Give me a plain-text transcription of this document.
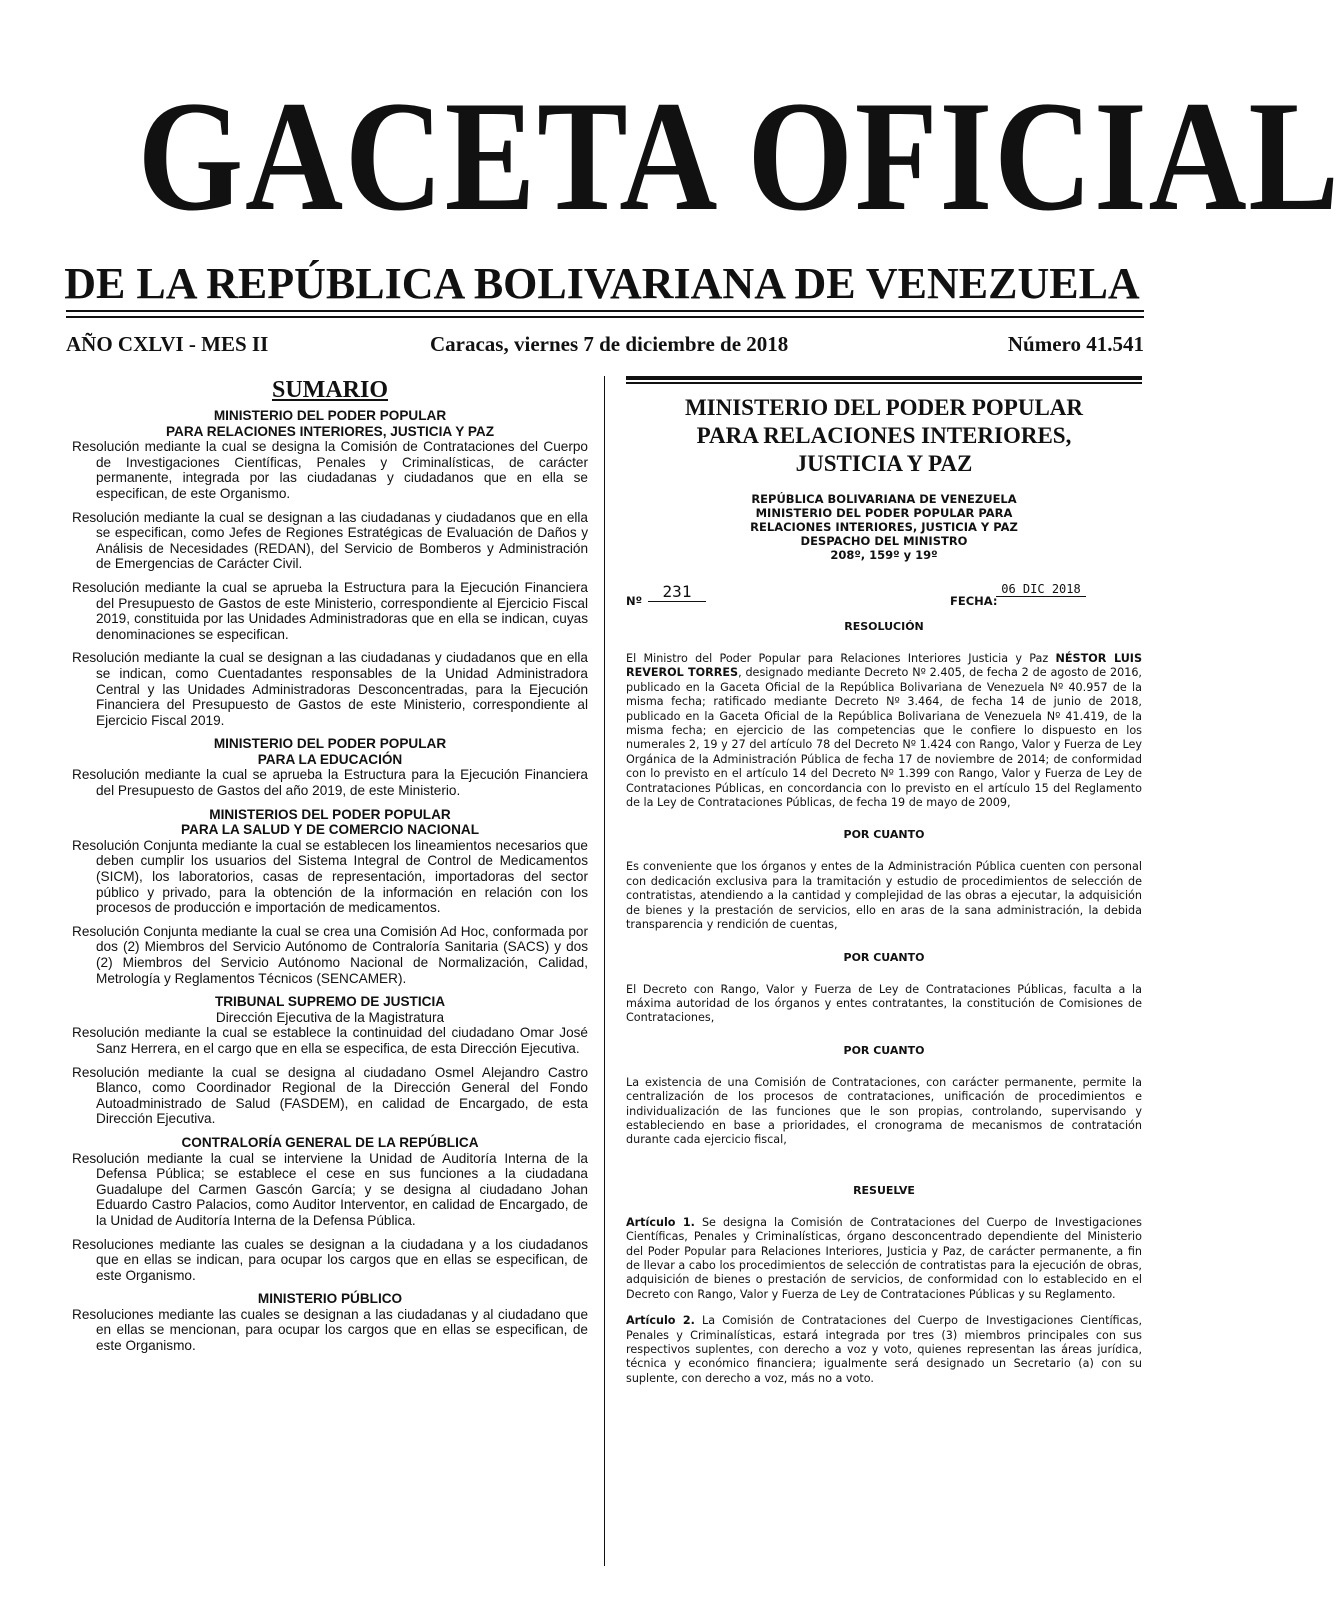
GACETA OFICIAL
DE LA REPÚBLICA BOLIVARIANA DE VENEZUELA
AÑO CXLVI - MES II	Caracas, viernes 7 de diciembre de 2018	Número 41.541
SUMARIO
MINISTERIO DEL PODER POPULAR
PARA RELACIONES INTERIORES, JUSTICIA Y PAZ

Resolución mediante la cual se designa la Comisión de Contrataciones del Cuerpo de Investigaciones Científicas, Penales y Criminalísticas, de carácter permanente, integrada por las ciudadanas y ciudadanos que en ella se especifican, de este Organismo.

Resolución mediante la cual se designan a las ciudadanas y ciudadanos que en ella se especifican, como Jefes de Regiones Estratégicas de Evaluación de Daños y Análisis de Necesidades (REDAN), del Servicio de Bomberos y Administración de Emergencias de Carácter Civil.

Resolución mediante la cual se aprueba la Estructura para la Ejecución Financiera del Presupuesto de Gastos de este Ministerio, correspondiente al Ejercicio Fiscal 2019, constituida por las Unidades Administradoras que en ella se indican, cuyas denominaciones se especifican.

Resolución mediante la cual se designan a las ciudadanas y ciudadanos que en ella se indican, como Cuentadantes responsables de la Unidad Administradora Central y las Unidades Administradoras Desconcentradas, para la Ejecución Financiera del Presupuesto de Gastos de este Ministerio, correspondiente al Ejercicio Fiscal 2019.

MINISTERIO DEL PODER POPULAR
PARA LA EDUCACIÓN

Resolución mediante la cual se aprueba la Estructura para la Ejecución Financiera del Presupuesto de Gastos del año 2019, de este Ministerio.

MINISTERIOS DEL PODER POPULAR
PARA LA SALUD Y DE COMERCIO NACIONAL

Resolución Conjunta mediante la cual se establecen los lineamientos necesarios que deben cumplir los usuarios del Sistema Integral de Control de Medicamentos (SICM), los laboratorios, casas de representación, importadoras del sector público y privado, para la obtención de la información en relación con los procesos de producción e importación de medicamentos.

Resolución Conjunta mediante la cual se crea una Comisión Ad Hoc, conformada por dos (2) Miembros del Servicio Autónomo de Contraloría Sanitaria (SACS) y dos (2) Miembros del Servicio Autónomo Nacional de Normalización, Calidad, Metrología y Reglamentos Técnicos (SENCAMER).

TRIBUNAL SUPREMO DE JUSTICIA
Dirección Ejecutiva de la Magistratura

Resolución mediante la cual se establece la continuidad del ciudadano Omar José Sanz Herrera, en el cargo que en ella se especifica, de esta Dirección Ejecutiva.

Resolución mediante la cual se designa al ciudadano Osmel Alejandro Castro Blanco, como Coordinador Regional de la Dirección General del Fondo Autoadministrado de Salud (FASDEM), en calidad de Encargado, de esta Dirección Ejecutiva.

CONTRALORÍA GENERAL DE LA REPÚBLICA

Resolución mediante la cual se interviene la Unidad de Auditoría Interna de la Defensa Pública; se establece el cese en sus funciones a la ciudadana Guadalupe del Carmen Gascón García; y se designa al ciudadano Johan Eduardo Castro Palacios, como Auditor Interventor, en calidad de Encargado, de la Unidad de Auditoría Interna de la Defensa Pública.

Resoluciones mediante las cuales se designan a la ciudadana y a los ciudadanos que en ellas se indican, para ocupar los cargos que en ellas se especifican, de este Organismo.

MINISTERIO PÚBLICO

Resoluciones mediante las cuales se designan a las ciudadanas y al ciudadano que en ellas se mencionan, para ocupar los cargos que en ellas se especifican, de este Organismo.

MINISTERIO DEL PODER POPULAR
PARA RELACIONES INTERIORES,
JUSTICIA Y PAZ
REPÚBLICA BOLIVARIANA DE VENEZUELA
MINISTERIO DEL PODER POPULAR PARA
RELACIONES INTERIORES, JUSTICIA Y PAZ
DESPACHO DEL MINISTRO
208º, 159º y 19º
Nº	231	FECHA:
06 DIC 2018
RESOLUCIÓN

El Ministro del Poder Popular para Relaciones Interiores Justicia y Paz NÉSTOR LUIS REVEROL TORRES, designado mediante Decreto Nº 2.405, de fecha 2 de agosto de 2016, publicado en la Gaceta Oficial de la República Bolivariana de Venezuela Nº 40.957 de la misma fecha; ratificado mediante Decreto Nº 3.464, de fecha 14 de junio de 2018, publicado en la Gaceta Oficial de la República Bolivariana de Venezuela Nº 41.419, de la misma fecha; en ejercicio de las competencias que le confiere lo dispuesto en los numerales 2, 19 y 27 del artículo 78 del Decreto Nº 1.424 con Rango, Valor y Fuerza de Ley Orgánica de la Administración Pública de fecha 17 de noviembre de 2014; de conformidad con lo previsto en el artículo 14 del Decreto Nº 1.399 con Rango, Valor y Fuerza de Ley de Contrataciones Públicas, en concordancia con lo previsto en el artículo 15 del Reglamento de la Ley de Contrataciones Públicas, de fecha 19 de mayo de 2009,

POR CUANTO

Es conveniente que los órganos y entes de la Administración Pública cuenten con personal con dedicación exclusiva para la tramitación y estudio de procedimientos de selección de contratistas, atendiendo a la cantidad y complejidad de las obras a ejecutar, la adquisición de bienes y la prestación de servicios, ello en aras de la sana administración, la debida transparencia y rendición de cuentas,

POR CUANTO

El Decreto con Rango, Valor y Fuerza de Ley de Contrataciones Públicas, faculta a la máxima autoridad de los órganos y entes contratantes, la constitución de Comisiones de Contrataciones,

POR CUANTO

La existencia de una Comisión de Contrataciones, con carácter permanente, permite la centralización de los procesos de contrataciones, unificación de procedimientos e individualización de las funciones que le son propias, controlando, supervisando y estableciendo en base a prioridades, el cronograma de mecanismos de contratación durante cada ejercicio fiscal,

RESUELVE

Artículo 1. Se designa la Comisión de Contrataciones del Cuerpo de Investigaciones Científicas, Penales y Criminalísticas, órgano desconcentrado dependiente del Ministerio del Poder Popular para Relaciones Interiores, Justicia y Paz, de carácter permanente, a fin de llevar a cabo los procedimientos de selección de contratistas para la ejecución de obras, adquisición de bienes o prestación de servicios, de conformidad con lo establecido en el Decreto con Rango, Valor y Fuerza de Ley de Contrataciones Públicas y su Reglamento.

Artículo 2. La Comisión de Contrataciones del Cuerpo de Investigaciones Científicas, Penales y Criminalísticas, estará integrada por tres (3) miembros principales con sus respectivos suplentes, con derecho a voz y voto, quienes representan las áreas jurídica, técnica y económico financiera; igualmente será designado un Secretario (a) con su suplente, con derecho a voz, más no a voto.
